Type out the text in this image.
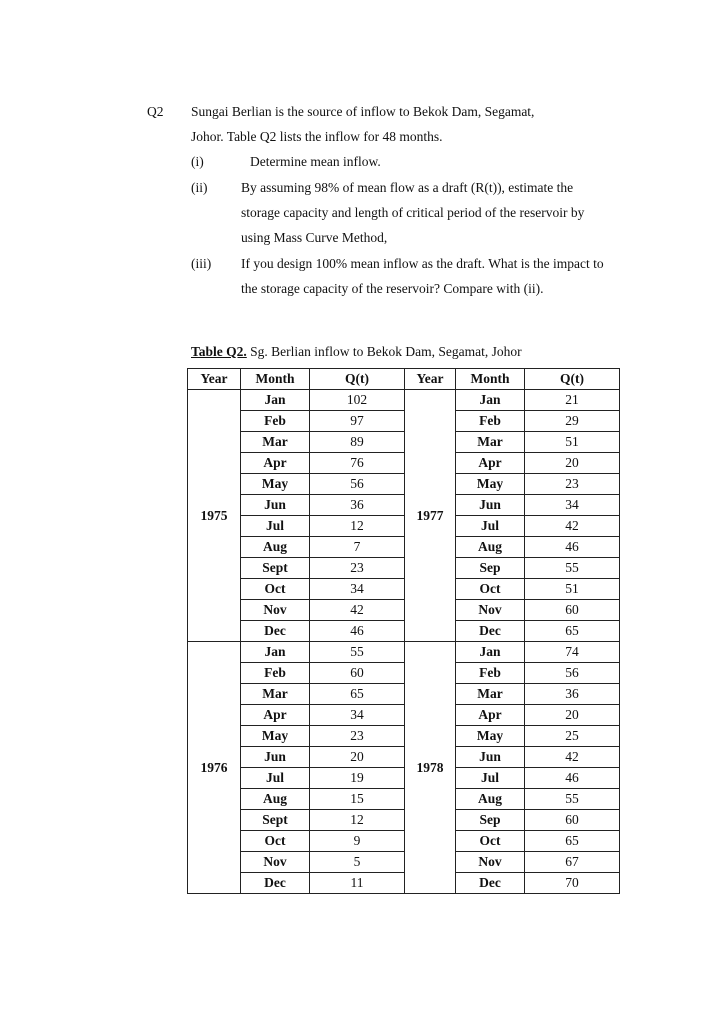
Q2 Sungai Berlian is the source of inflow to Bekok Dam, Segamat,
Johor. Table Q2 lists the inflow for 48 months.
(i)	Determine mean inflow.
(ii) By assuming 98% of mean flow as a draft (R(t)), estimate the
storage capacity and length of critical period of the reservoir by
using Mass Curve Method,
(iii) If you design 100% mean inflow as the draft. What is the impact to
the storage capacity of the reservoir? Compare with (ii).
Table Q2. Sg. Berlian inflow to Bekok Dam, Segamat, Johor
Year	Month	Q(t)	Year	Month	Q(t)
1975	Jan	102	1977	Jan	21
	Feb	97		Feb	29
	Mar	89		Mar	51
	Apr	76		Apr	20
	May	56		May	23
	Jun	36		Jun	34
	Jul	12		Jul	42
	Aug	7		Aug	46
	Sept	23		Sep	55
	Oct	34		Oct	51
	Nov	42		Nov	60
	Dec	46		Dec	65
1976	Jan	55	1978	Jan	74
	Feb	60		Feb	56
	Mar	65		Mar	36
	Apr	34		Apr	20
	May	23		May	25
	Jun	20		Jun	42
	Jul	19		Jul	46
	Aug	15		Aug	55
	Sept	12		Sep	60
	Oct	9		Oct	65
	Nov	5		Nov	67
	Dec	11		Dec	70
